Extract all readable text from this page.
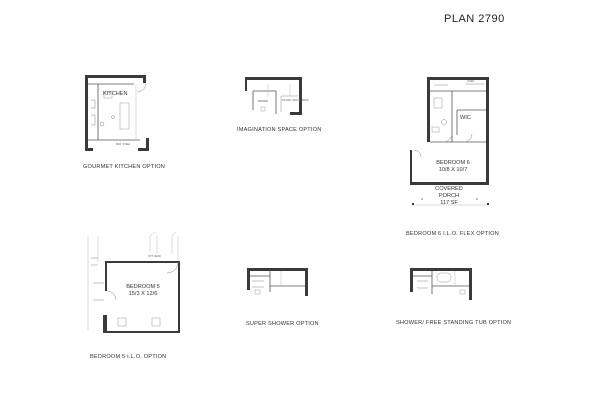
PLAN 2790
KITCHEN
PER. STEEL
GOURMET KITCHEN OPTION
TRAVEL SPACE/ DESK
IMAGINATION SPACE OPTION
LINEN
WIC
BEDROOM 6
10/8 X 10/7
COVERED
PORCH
117 SF
BEDROOM 6 I.L.O. FLEX OPTION
OPT. DESK
BEDROOM 5
15/3 X 12/6
BEDROOM 5 I.L.O. OPTION
SUPER SHOWER OPTION	SHOWER/ FREE STANDING TUB OPTION
